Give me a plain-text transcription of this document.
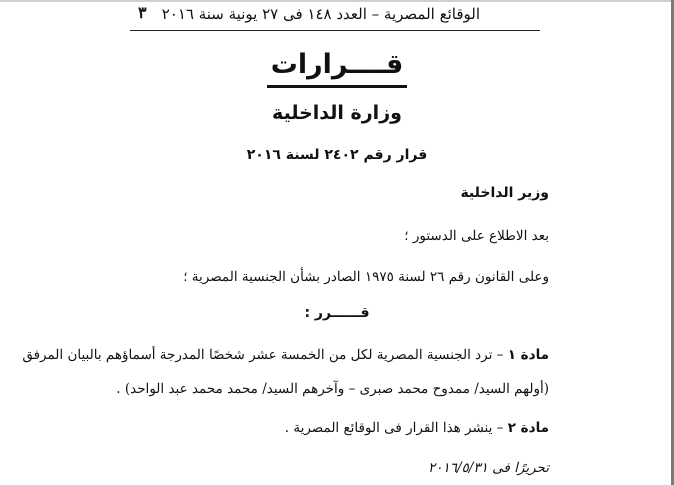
الوقائع المصرية – العدد ١٤٨ فى ٢٧ يونية سنة ٢٠١٦
٣
قــــرارات
وزارة الداخلية
قرار رقم ٢٤٠٢ لسنة ٢٠١٦
وزير الداخلية
بعد الاطلاع على الدستور ؛
وعلى القانون رقم ٢٦ لسنة ١٩٧٥ الصادر بشأن الجنسية المصرية ؛
قــــــرر :
مادة ١ – ترد الجنسية المصرية لكل من الخمسة عشر شخصًا المدرجة أسماؤهم بالبيان المرفق
(أولهم السيد/ ممدوح محمد صبرى – وآخرهم السيد/ محمد محمد عبد الواحد) .
مادة ٢ – ينشر هذا القرار فى الوقائع المصرية .
تحريرًا فى ٢٠١٦/٥/٣١
